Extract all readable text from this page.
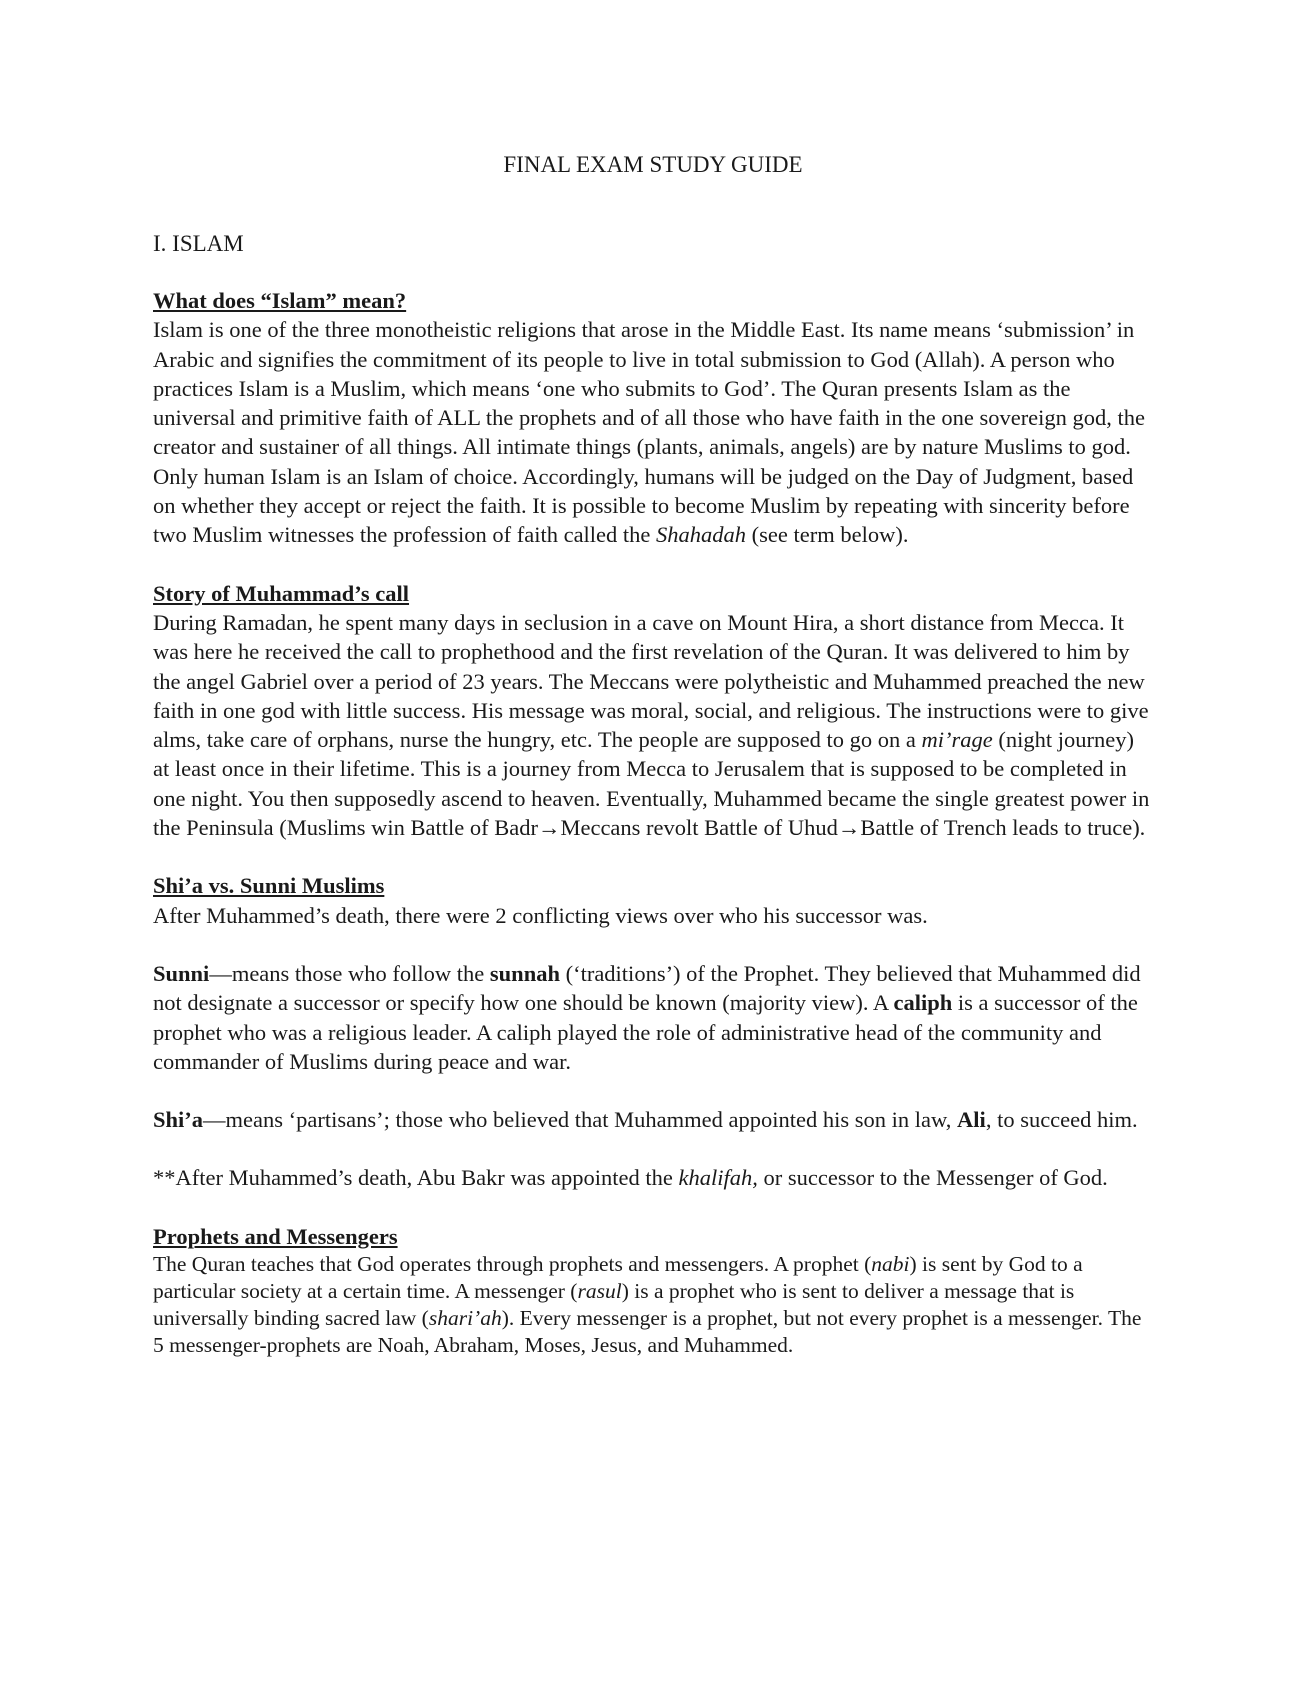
FINAL EXAM STUDY GUIDE
I. ISLAM
What does “Islam” mean?

Islam is one of the three monotheistic religions that arose in the Middle East. Its name means ‘submission’ in Arabic and signifies the commitment of its people to live in total submission to God (Allah). A person who practices Islam is a Muslim, which means ‘one who submits to God’. The Quran presents Islam as the universal and primitive faith of ALL the prophets and of all those who have faith in the one sovereign god, the creator and sustainer of all things. All intimate things (plants, animals, angels) are by nature Muslims to god. Only human Islam is an Islam of choice. Accordingly, humans will be judged on the Day of Judgment, based on whether they accept or reject the faith. It is possible to become Muslim by repeating with sincerity before two Muslim witnesses the profession of faith called the Shahadah (see term below).

Story of Muhammad’s call

During Ramadan, he spent many days in seclusion in a cave on Mount Hira, a short distance from Mecca. It was here he received the call to prophethood and the first revelation of the Quran. It was delivered to him by the angel Gabriel over a period of 23 years. The Meccans were polytheistic and Muhammed preached the new faith in one god with little success. His message was moral, social, and religious. The instructions were to give alms, take care of orphans, nurse the hungry, etc. The people are supposed to go on a mi’rage (night journey) at least once in their lifetime. This is a journey from Mecca to Jerusalem that is supposed to be completed in one night. You then supposedly ascend to heaven. Eventually, Muhammed became the single greatest power in the Peninsula (Muslims win Battle of Badr→Meccans revolt Battle of Uhud→Battle of Trench leads to truce).

Shi’a vs. Sunni Muslims

After Muhammed’s death, there were 2 conflicting views over who his successor was.

Sunni—means those who follow the sunnah (‘traditions’) of the Prophet. They believed that Muhammed did not designate a successor or specify how one should be known (majority view). A caliph is a successor of the prophet who was a religious leader. A caliph played the role of administrative head of the community and commander of Muslims during peace and war.

Shi’a—means ‘partisans’; those who believed that Muhammed appointed his son in law, Ali, to succeed him.

**After Muhammed’s death, Abu Bakr was appointed the khalifah, or successor to the Messenger of God.

Prophets and Messengers

The Quran teaches that God operates through prophets and messengers. A prophet (nabi) is sent by God to a particular society at a certain time. A messenger (rasul) is a prophet who is sent to deliver a message that is universally binding sacred law (shari’ah). Every messenger is a prophet, but not every prophet is a messenger. The 5 messenger-prophets are Noah, Abraham, Moses, Jesus, and Muhammed.
